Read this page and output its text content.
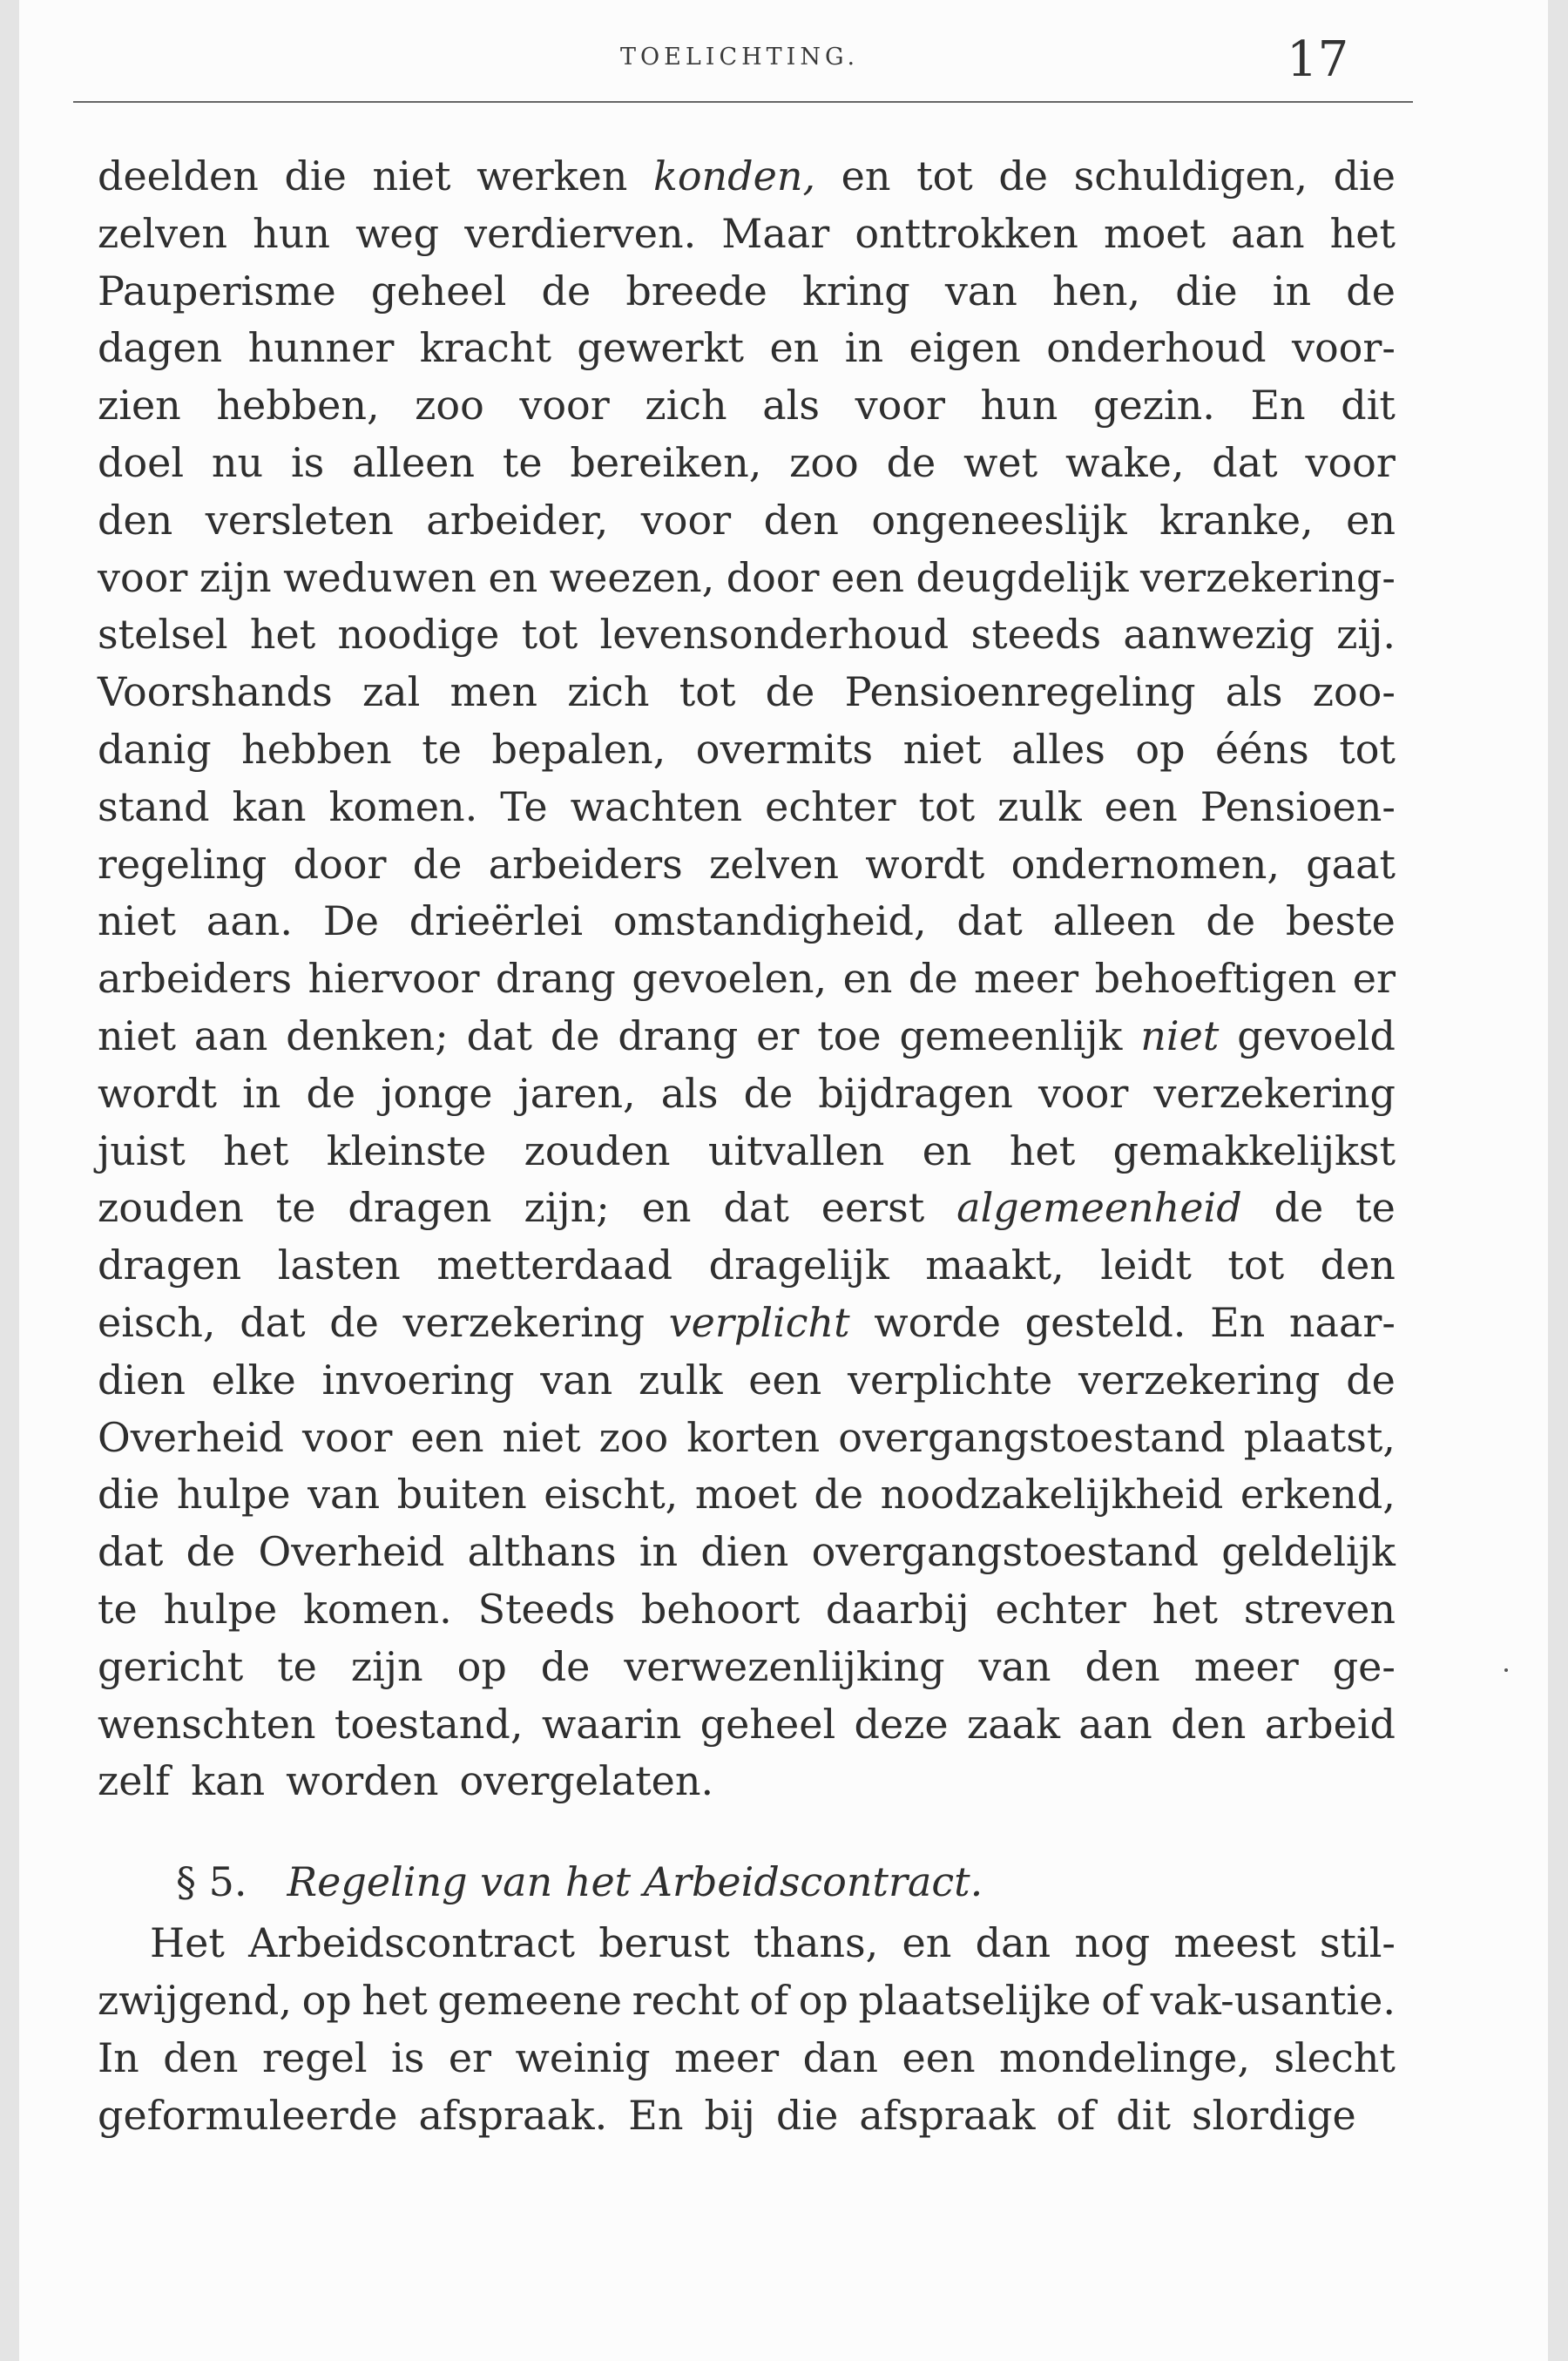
TOELICHTING.	17
deelden die niet werken konden, en tot de schuldigen, die
zelven hun weg verdierven. Maar onttrokken moet aan het
Pauperisme geheel de breede kring van hen, die in de
dagen hunner kracht gewerkt en in eigen onderhoud voor-
zien hebben, zoo voor zich als voor hun gezin. En dit
doel nu is alleen te bereiken, zoo de wet wake, dat voor
den versleten arbeider, voor den ongeneeslijk kranke, en
voor zijn weduwen en weezen, door een deugdelijk verzekering-
stelsel het noodige tot levensonderhoud steeds aanwezig zij.
Voorshands zal men zich tot de Pensioenregeling als zoo-
danig hebben te bepalen, overmits niet alles op ééns tot
stand kan komen. Te wachten echter tot zulk een Pensioen-
regeling door de arbeiders zelven wordt ondernomen, gaat
niet aan. De drieërlei omstandigheid, dat alleen de beste
arbeiders hiervoor drang gevoelen, en de meer behoeftigen er
niet aan denken; dat de drang er toe gemeenlijk niet gevoeld
wordt in de jonge jaren, als de bijdragen voor verzekering
juist het kleinste zouden uitvallen en het gemakkelijkst
zouden te dragen zijn; en dat eerst algemeenheid de te
dragen lasten metterdaad dragelijk maakt, leidt tot den
eisch, dat de verzekering verplicht worde gesteld. En naar-
dien elke invoering van zulk een verplichte verzekering de
Overheid voor een niet zoo korten overgangstoestand plaatst,
die hulpe van buiten eischt, moet de noodzakelijkheid erkend,
dat de Overheid althans in dien overgangstoestand geldelijk
te hulpe komen. Steeds behoort daarbij echter het streven
gericht te zijn op de verwezenlijking van den meer ge-
wenschten toestand, waarin geheel deze zaak aan den arbeid
zelf kan worden overgelaten.
§ 5. Regeling van het Arbeidscontract.
Het Arbeidscontract berust thans, en dan nog meest stil-
zwijgend, op het gemeene recht of op plaatselijke of vak-usantie.
In den regel is er weinig meer dan een mondelinge, slecht
geformuleerde afspraak. En bij die afspraak of dit slordige
